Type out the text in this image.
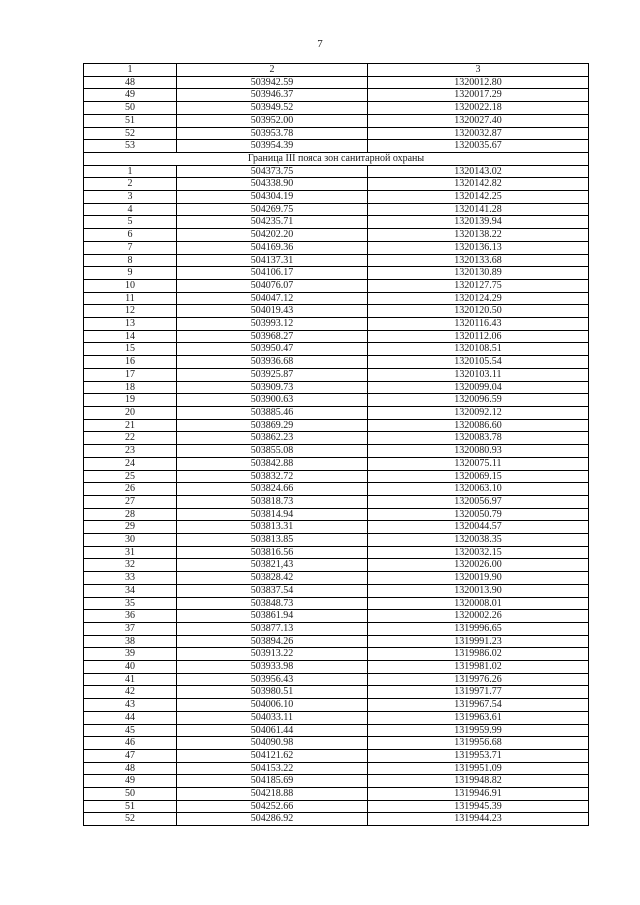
7
1	2	3
48	503942.59	1320012.80
49	503946.37	1320017.29
50	503949.52	1320022.18
51	503952.00	1320027.40
52	503953.78	1320032.87
53	503954.39	1320035.67
Граница III пояса зон санитарной охраны		
1	504373.75	1320143.02
2	504338.90	1320142.82
3	504304.19	1320142.25
4	504269.75	1320141.28
5	504235.71	1320139.94
6	504202.20	1320138.22
7	504169.36	1320136.13
8	504137.31	1320133.68
9	504106.17	1320130.89
10	504076.07	1320127.75
11	504047.12	1320124.29
12	504019.43	1320120.50
13	503993.12	1320116.43
14	503968.27	1320112.06
15	503950.47	1320108.51
16	503936.68	1320105.54
17	503925.87	1320103.11
18	503909.73	1320099.04
19	503900.63	1320096.59
20	503885.46	1320092.12
21	503869.29	1320086.60
22	503862.23	1320083.78
23	503855.08	1320080.93
24	503842.88	1320075.11
25	503832.72	1320069.15
26	503824.66	1320063.10
27	503818.73	1320056.97
28	503814.94	1320050.79
29	503813.31	1320044.57
30	503813.85	1320038.35
31	503816.56	1320032.15
32	503821,43	1320026.00
33	503828.42	1320019.90
34	503837.54	1320013.90
35	503848.73	1320008.01
36	503861.94	1320002.26
37	503877.13	1319996.65
38	503894.26	1319991.23
39	503913.22	1319986.02
40	503933.98	1319981.02
41	503956.43	1319976.26
42	503980.51	1319971.77
43	504006.10	1319967.54
44	504033.11	1319963.61
45	504061.44	1319959.99
46	504090.98	1319956.68
47	504121.62	1319953.71
48	504153.22	1319951.09
49	504185.69	1319948.82
50	504218.88	1319946.91
51	504252.66	1319945.39
52	504286.92	1319944.23
